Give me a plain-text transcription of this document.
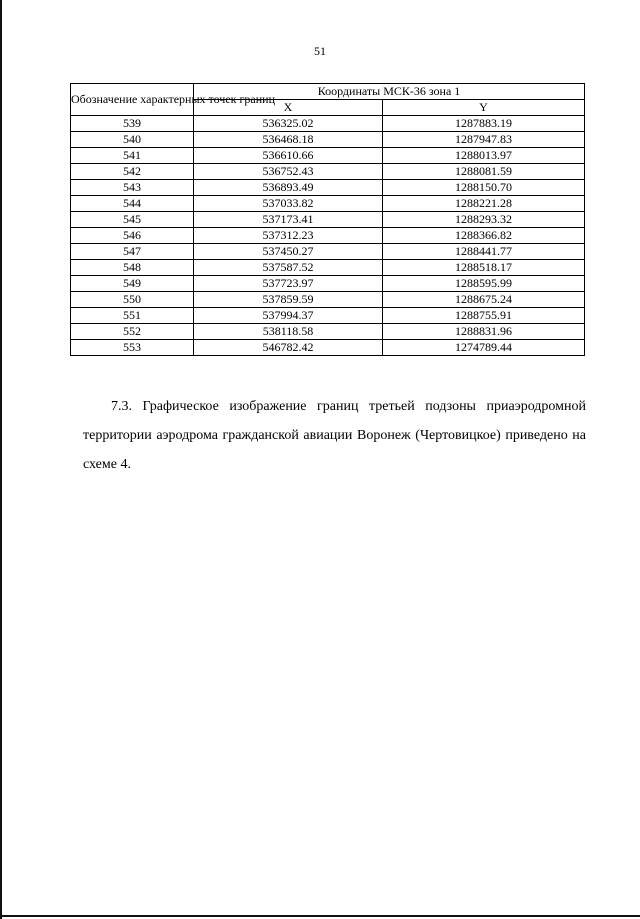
51
Обозначение характерных точек границ	Координаты МСК-36 зона 1	
	X	Y
539	536325.02	1287883.19
540	536468.18	1287947.83
541	536610.66	1288013.97
542	536752.43	1288081.59
543	536893.49	1288150.70
544	537033.82	1288221.28
545	537173.41	1288293.32
546	537312.23	1288366.82
547	537450.27	1288441.77
548	537587.52	1288518.17
549	537723.97	1288595.99
550	537859.59	1288675.24
551	537994.37	1288755.91
552	538118.58	1288831.96
553	546782.42	1274789.44
7.3. Графическое изображение границ третьей подзоны приаэродромной территории аэродрома гражданской авиации Воронеж (Чертовицкое) приведено на схеме 4.
